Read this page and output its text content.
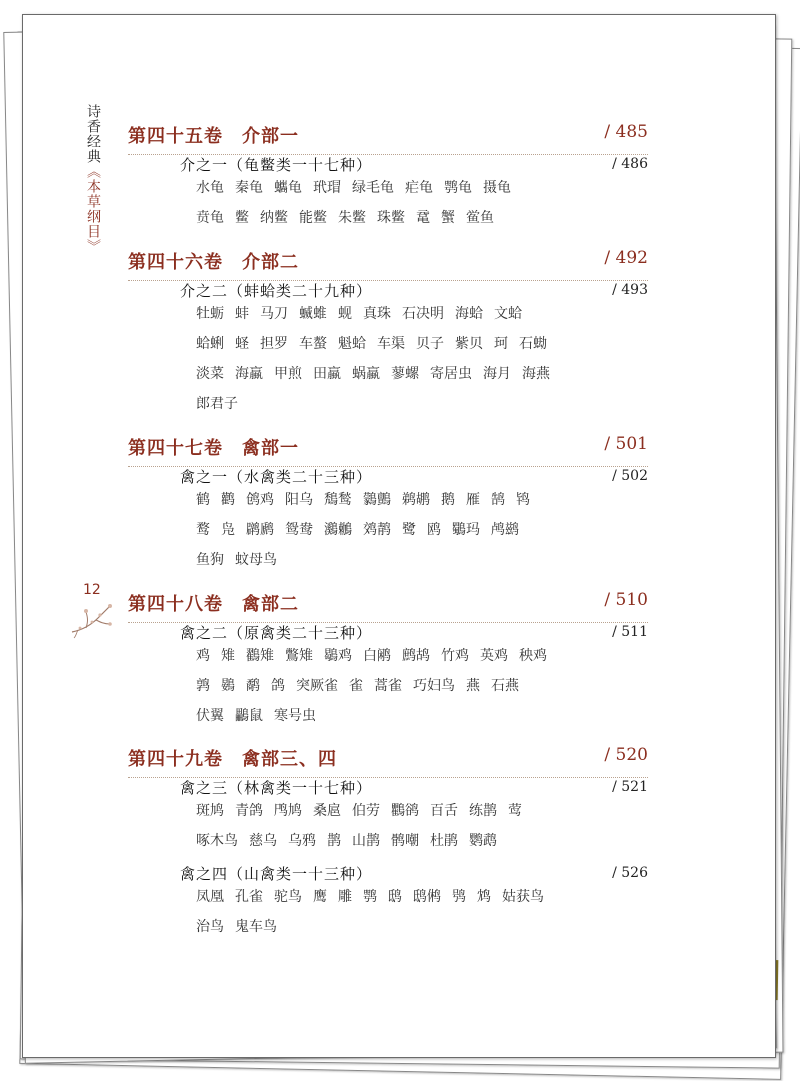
诗香经典《本草纲目》
12
第四十五卷　介部一	/ 485
介之一（龟鳖类一十七种）	/ 486
水龟 秦龟 蠵龟 玳瑁 绿毛龟 疟龟 鹗龟 摄龟
贲龟 鳖 纳鳖 能鳖 朱鳖 珠鳖 鼋 蟹 鲎鱼
第四十六卷　介部二	/ 492
介之二（蚌蛤类二十九种）	/ 493
牡蛎 蚌 马刀 蝛蜼 蚬 真珠 石决明 海蛤 文蛤
蛤蜊 蛏 担罗 车螯 魁蛤 车渠 贝子 紫贝 珂 石蜐
淡菜 海蠃 甲煎 田蠃 蜗蠃 蓼螺 寄居虫 海月 海燕
郎君子
第四十七卷　禽部一	/ 501
禽之一（水禽类二十三种）	/ 502
鹤 鹳 鸧鸡 阳乌 鵚鹙 鸏鸇 鹈鹕 鹅 雁 鹄 鸨
鹜 凫 䴙䴘 鸳鸯 鸂鶒 䴔䴖 鹭 鸥 鸀玛 鸬鹚
鱼狗 蚊母鸟
第四十八卷　禽部二	/ 510
禽之二（原禽类二十三种）	/ 511
鸡 雉 鸐雉 鷩雉 鶡鸡 白鹇 鹧鸪 竹鸡 英鸡 秧鸡
鹑 鷃 鹬 鸽 突厥雀 雀 蒿雀 巧妇鸟 燕 石燕
伏翼 鸓鼠 寒号虫
第四十九卷　禽部三、四	/ 520
禽之三（林禽类一十七种）	/ 521
斑鸠 青鸽 鸤鸠 桑扈 伯劳 鸜鹆 百舌 练鹊 莺
啄木鸟 慈乌 乌鸦 鹊 山鹊 鹘嘲 杜鹃 鹦鹉
禽之四（山禽类一十三种）	/ 526
凤凰 孔雀 驼鸟 鹰 雕 鹗 鸱 鸱鸺 鸮 鸩 姑获鸟
治鸟 鬼车鸟
